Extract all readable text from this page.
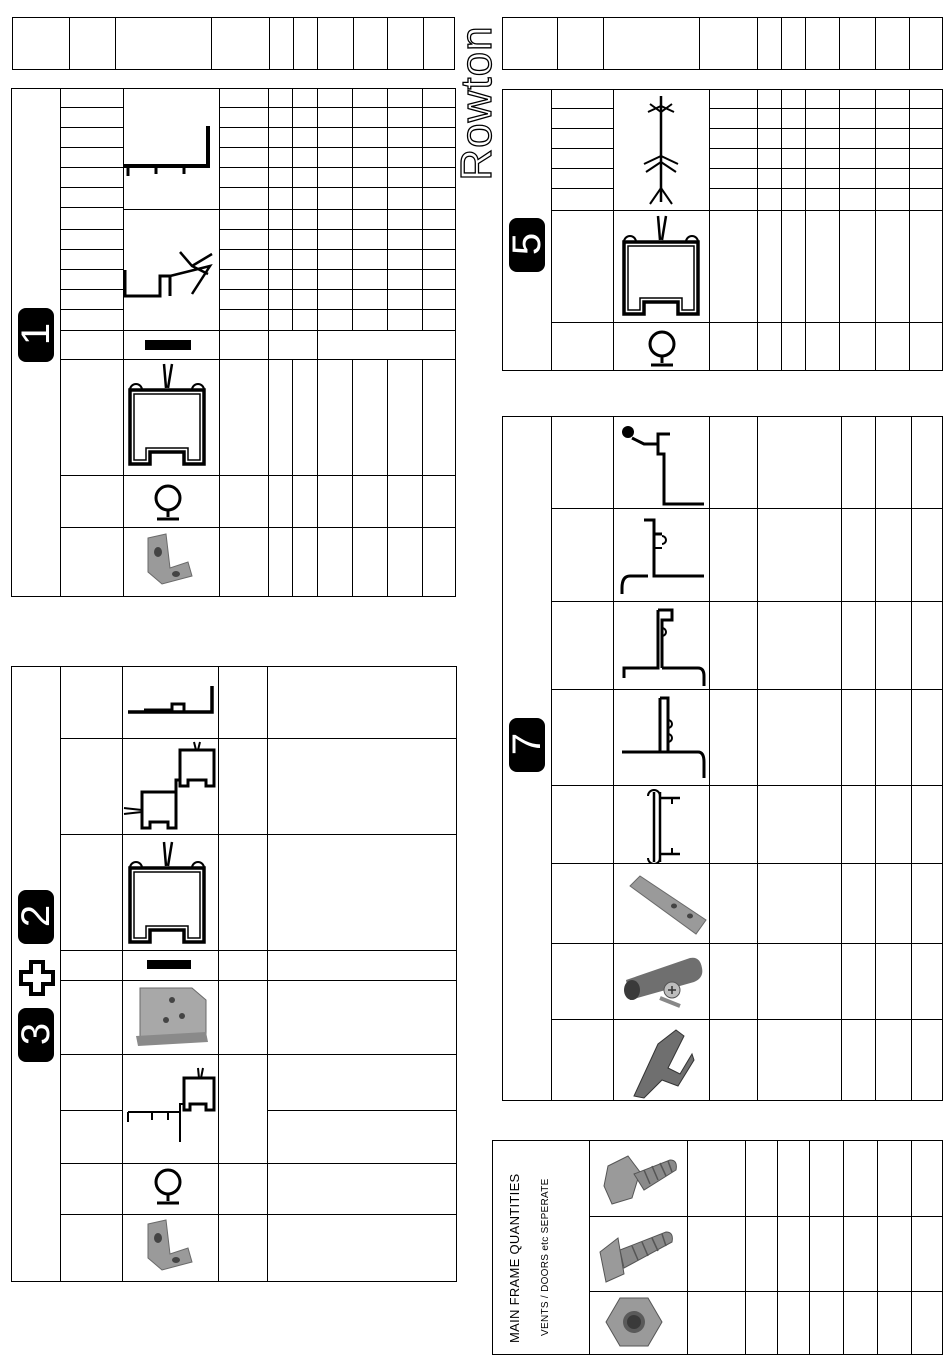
Rowton
1
2
3
5
7
MAIN FRAME QUANTITIES VENTS / DOORS etc SEPERATE
